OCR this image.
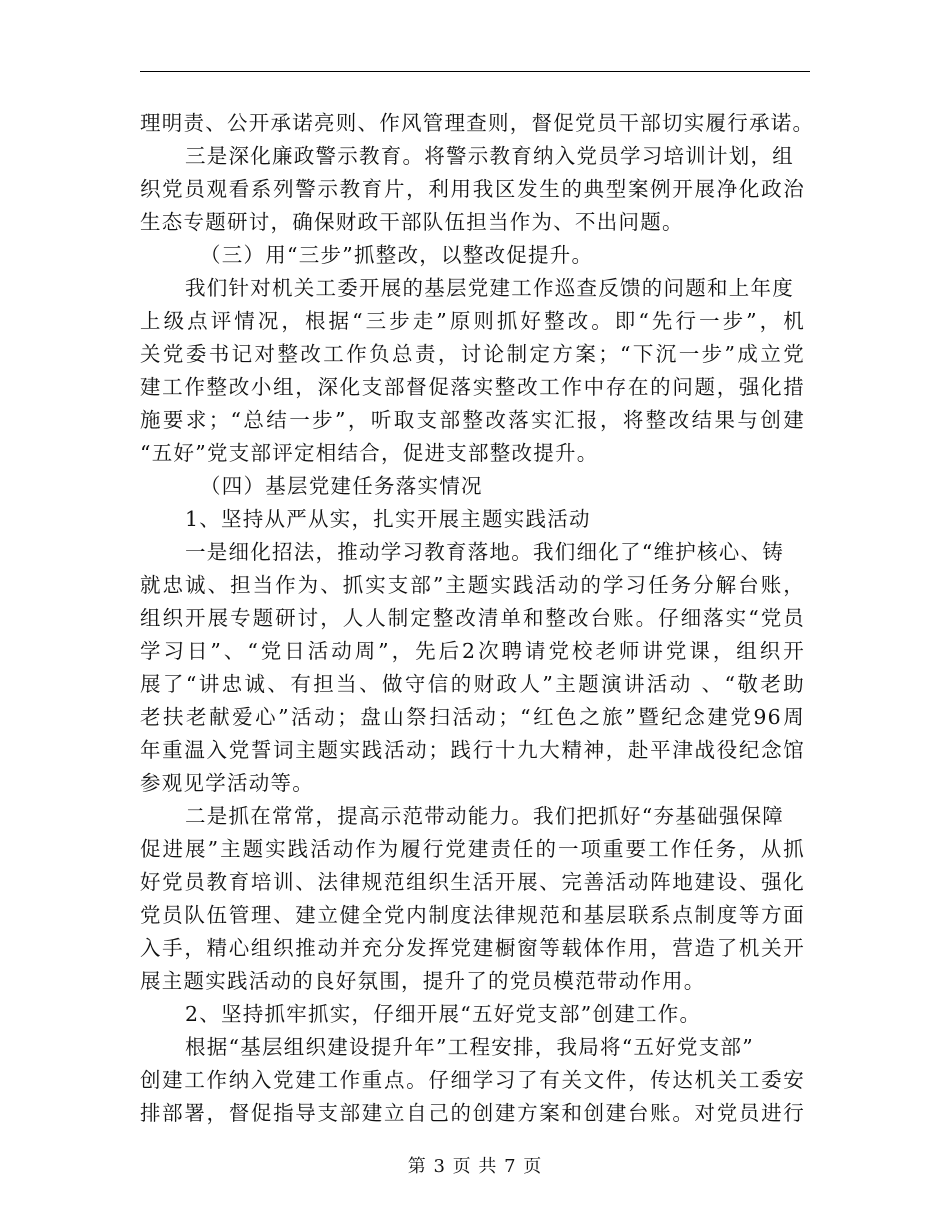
理明责、公开承诺亮则、作风管理查则，督促党员干部切实履行承诺。
三是深化廉政警示教育。将警示教育纳入党员学习培训计划，组
织党员观看系列警示教育片，利用我区发生的典型案例开展净化政治
生态专题研讨，确保财政干部队伍担当作为、不出问题。
（三）用“三步”抓整改，以整改促提升。
我们针对机关工委开展的基层党建工作巡查反馈的问题和上年度
上级点评情况，根据“三步走”原则抓好整改。即“先行一步”，机
关党委书记对整改工作负总责，讨论制定方案；“下沉一步”成立党
建工作整改小组，深化支部督促落实整改工作中存在的问题，强化措
施要求；“总结一步”，听取支部整改落实汇报，将整改结果与创建
“五好”党支部评定相结合，促进支部整改提升。
（四）基层党建任务落实情况
1、坚持从严从实，扎实开展主题实践活动
一是细化招法，推动学习教育落地。我们细化了“维护核心、铸
就忠诚、担当作为、抓实支部”主题实践活动的学习任务分解台账，
组织开展专题研讨，人人制定整改清单和整改台账。仔细落实“党员
学习日”、“党日活动周”，先后2次聘请党校老师讲党课，组织开
展了“讲忠诚、有担当、做守信的财政人”主题演讲活动 、“敬老助
老扶老献爱心”活动；盘山祭扫活动；“红色之旅”暨纪念建党96周
年重温入党誓词主题实践活动；践行十九大精神，赴平津战役纪念馆
参观见学活动等。
二是抓在常常，提高示范带动能力。我们把抓好“夯基础强保障
促进展”主题实践活动作为履行党建责任的一项重要工作任务，从抓
好党员教育培训、法律规范组织生活开展、完善活动阵地建设、强化
党员队伍管理、建立健全党内制度法律规范和基层联系点制度等方面
入手，精心组织推动并充分发挥党建橱窗等载体作用，营造了机关开
展主题实践活动的良好氛围，提升了的党员模范带动作用。
2、坚持抓牢抓实，仔细开展“五好党支部”创建工作。
根据“基层组织建设提升年”工程安排，我局将“五好党支部”
创建工作纳入党建工作重点。仔细学习了有关文件，传达机关工委安
排部署，督促指导支部建立自己的创建方案和创建台账。对党员进行
第 3 页 共 7 页
